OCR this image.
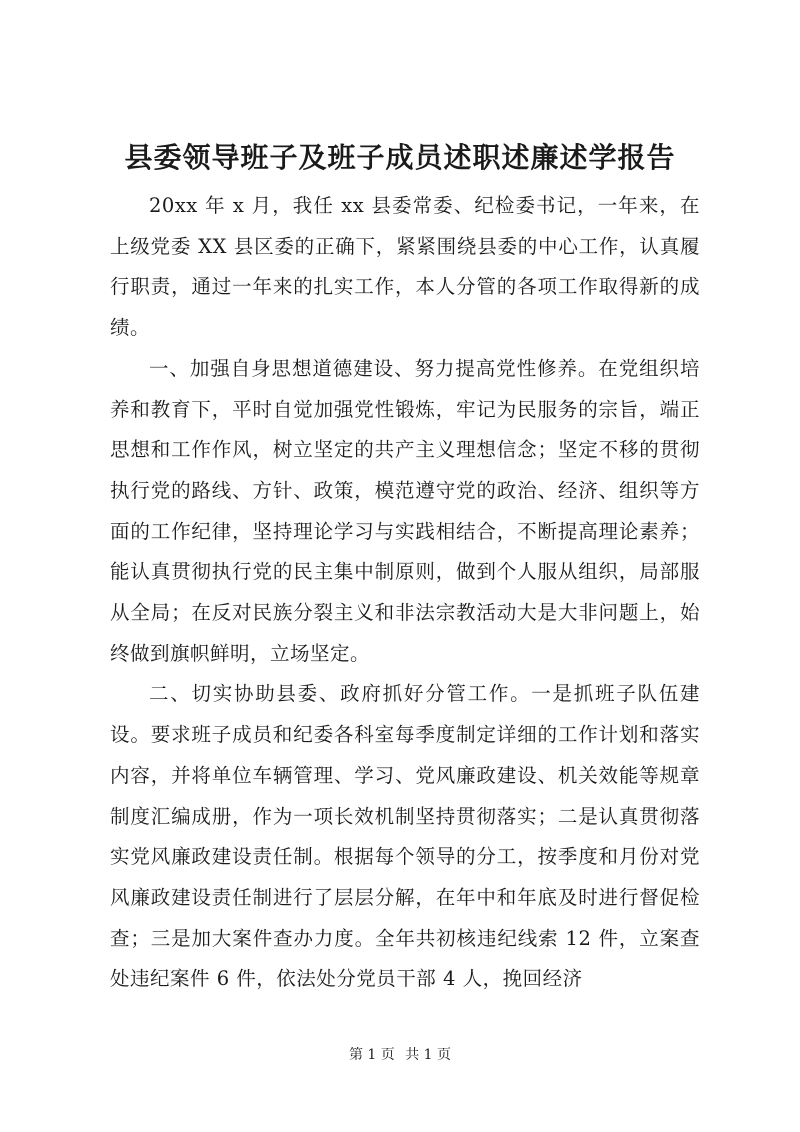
县委领导班子及班子成员述职述廉述学报告

20xx 年 x 月，我任 xx 县委常委、纪检委书记，一年来，在上级党委 XX 县区委的正确下，紧紧围绕县委的中心工作，认真履行职责，通过一年来的扎实工作，本人分管的各项工作取得新的成绩。

一、加强自身思想道德建设、努力提高党性修养。在党组织培养和教育下，平时自觉加强党性锻炼，牢记为民服务的宗旨，端正思想和工作作风，树立坚定的共产主义理想信念；坚定不移的贯彻执行党的路线、方针、政策，模范遵守党的政治、经济、组织等方面的工作纪律，坚持理论学习与实践相结合，不断提高理论素养；能认真贯彻执行党的民主集中制原则，做到个人服从组织，局部服从全局；在反对民族分裂主义和非法宗教活动大是大非问题上，始终做到旗帜鲜明，立场坚定。

二、切实协助县委、政府抓好分管工作。一是抓班子队伍建设。要求班子成员和纪委各科室每季度制定详细的工作计划和落实内容，并将单位车辆管理、学习、党风廉政建设、机关效能等规章制度汇编成册，作为一项长效机制坚持贯彻落实；二是认真贯彻落实党风廉政建设责任制。根据每个领导的分工，按季度和月份对党风廉政建设责任制进行了层层分解，在年中和年底及时进行督促检查；三是加大案件查办力度。全年共初核违纪线索 12 件，立案查处违纪案件 6 件，依法处分党员干部 4 人，挽回经济

第 1 页 共 1 页
